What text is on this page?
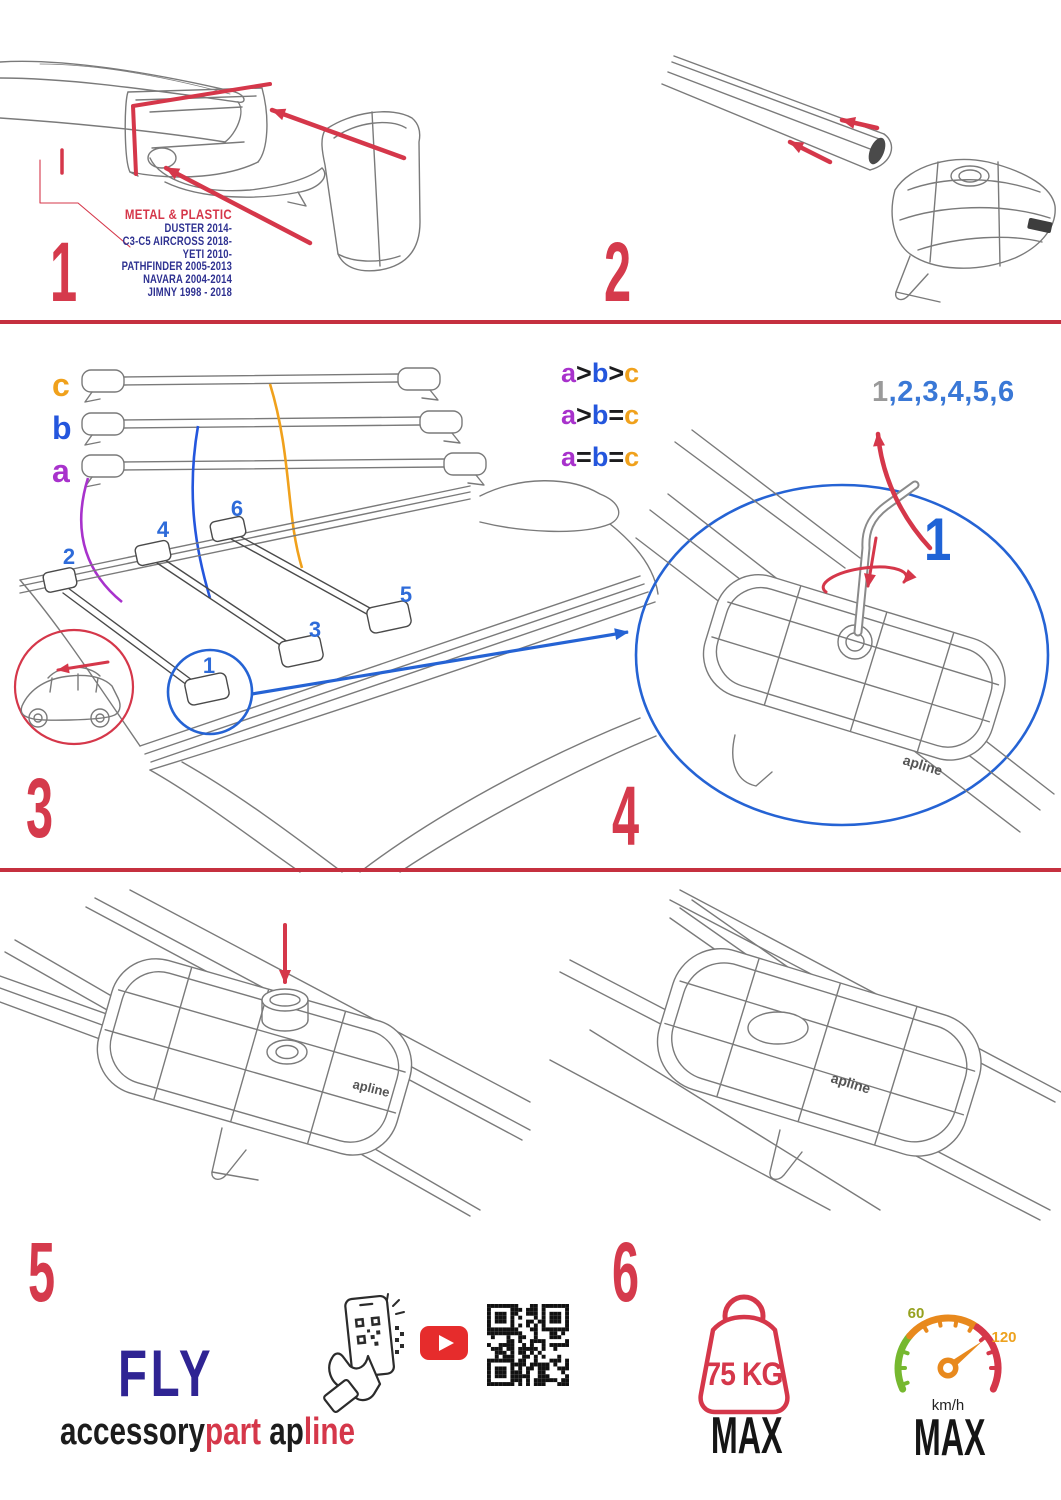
METAL & PLASTIC
DUSTER 2014-
C3-C5 AIRCROSS 2018-
YETI 2010-
PATHFINDER 2005-2013
NAVARA 2004-2014
JIMNY 1998 - 2018
1	2
c
b
a
2
4
6
1
3
5
a>b>c
a>b=c
a=b=c
3	apline
1,2,3,4,5,6
1
4
apline
5
apline
6
75 KG
MAX
60
120
km/h
MAX
FLY
accessorypart apline
